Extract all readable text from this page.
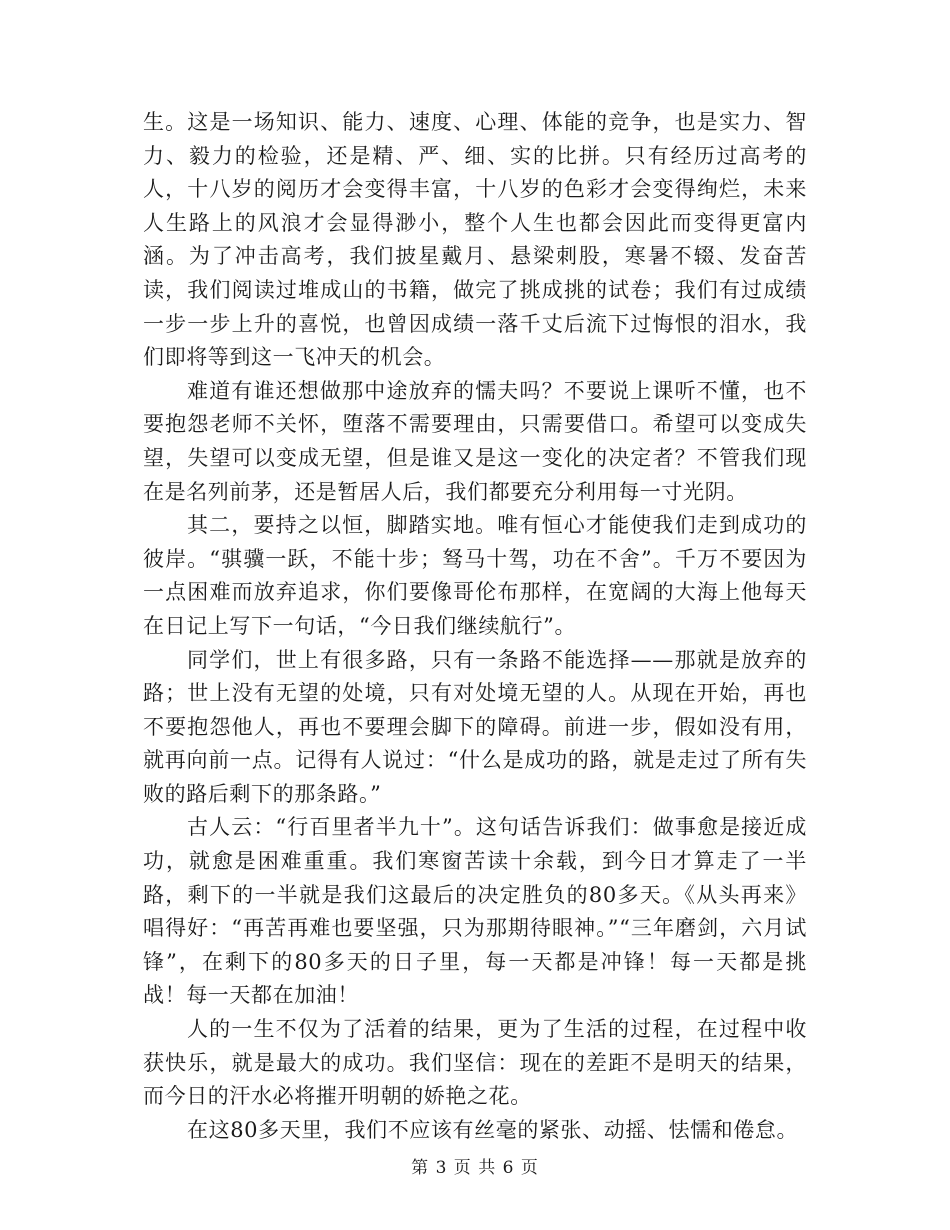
生。这是一场知识、能力、速度、心理、体能的竞争，也是实力、智力、毅力的检验，还是精、严、细、实的比拼。只有经历过高考的人，十八岁的阅历才会变得丰富，十八岁的色彩才会变得绚烂，未来人生路上的风浪才会显得渺小，整个人生也都会因此而变得更富内涵。为了冲击高考，我们披星戴月、悬梁刺股，寒暑不辍、发奋苦读，我们阅读过堆成山的书籍，做完了挑成挑的试卷；我们有过成绩一步一步上升的喜悦，也曾因成绩一落千丈后流下过悔恨的泪水，我们即将等到这一飞冲天的机会。

难道有谁还想做那中途放弃的懦夫吗？不要说上课听不懂，也不要抱怨老师不关怀，堕落不需要理由，只需要借口。希望可以变成失望，失望可以变成无望，但是谁又是这一变化的决定者？不管我们现在是名列前茅，还是暂居人后，我们都要充分利用每一寸光阴。

其二，要持之以恒，脚踏实地。唯有恒心才能使我们走到成功的彼岸。“骐骥一跃，不能十步；驽马十驾，功在不舍”。千万不要因为一点困难而放弃追求，你们要像哥伦布那样，在宽阔的大海上他每天在日记上写下一句话，“今日我们继续航行”。

同学们，世上有很多路，只有一条路不能选择——那就是放弃的路；世上没有无望的处境，只有对处境无望的人。从现在开始，再也不要抱怨他人，再也不要理会脚下的障碍。前进一步，假如没有用，就再向前一点。记得有人说过：“什么是成功的路，就是走过了所有失败的路后剩下的那条路。”

古人云：“行百里者半九十”。这句话告诉我们：做事愈是接近成功，就愈是困难重重。我们寒窗苦读十余载，到今日才算走了一半路，剩下的一半就是我们这最后的决定胜负的80多天。《从头再来》唱得好：“再苦再难也要坚强，只为那期待眼神。”“三年磨剑，六月试锋”，在剩下的80多天的日子里，每一天都是冲锋！每一天都是挑战！每一天都在加油！

人的一生不仅为了活着的结果，更为了生活的过程，在过程中收获快乐，就是最大的成功。我们坚信：现在的差距不是明天的结果，而今日的汗水必将摧开明朝的娇艳之花。

在这80多天里，我们不应该有丝毫的紧张、动摇、怯懦和倦怠。

第 3 页 共 6 页
